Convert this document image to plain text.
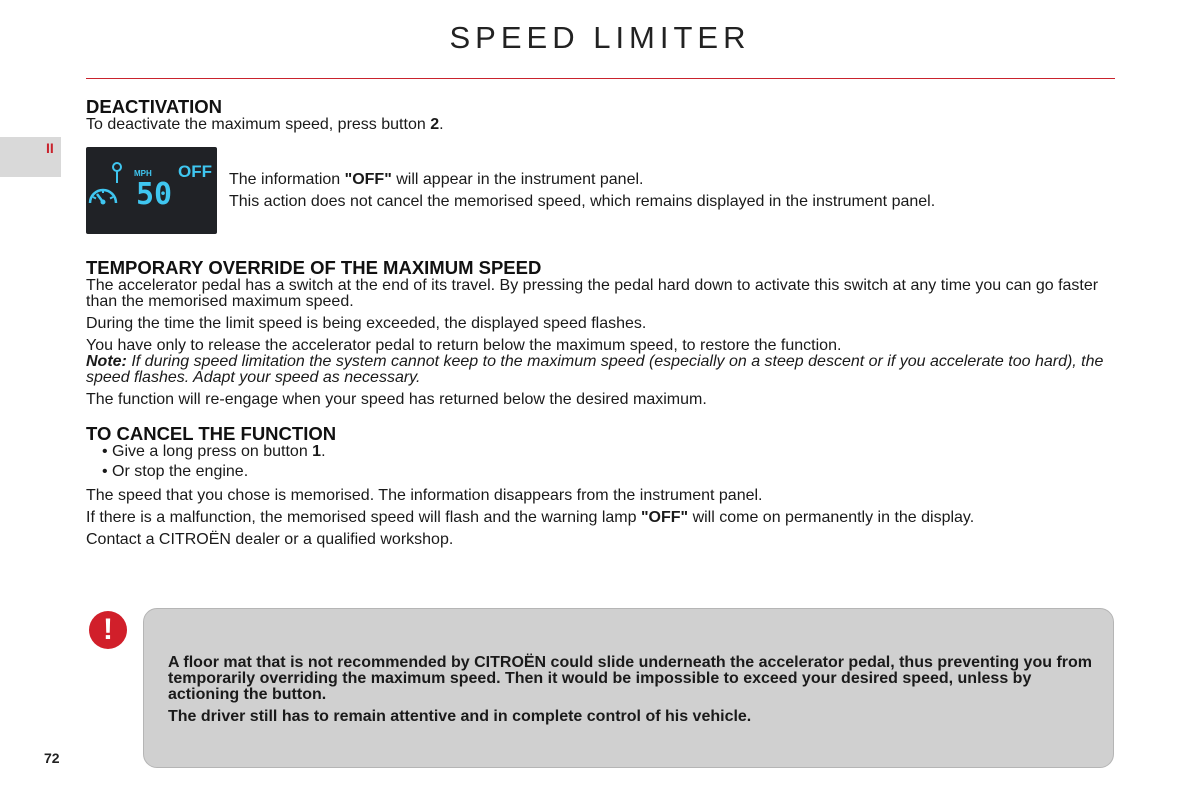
SPEED LIMITER
II
DEACTIVATION

To deactivate the maximum speed, press button 2.

MPH OFF
50	The information "OFF" will appear in the instrument panel.

This action does not cancel the memorised speed, which remains displayed in the instrument panel.

TEMPORARY OVERRIDE OF THE MAXIMUM SPEED

The accelerator pedal has a switch at the end of its travel. By pressing the pedal hard down to activate this switch at any time you can go faster than the memorised maximum speed.

During the time the limit speed is being exceeded, the displayed speed flashes.

You have only to release the accelerator pedal to return below the maximum speed, to restore the function.

Note: If during speed limitation the system cannot keep to the maximum speed (especially on a steep descent or if you accelerate too hard), the speed flashes. Adapt your speed as necessary.

The function will re-engage when your speed has returned below the desired maximum.

TO CANCEL THE FUNCTION
• Give a long press on button 1.
• Or stop the engine.

The speed that you chose is memorised. The information disappears from the instrument panel.

If there is a malfunction, the memorised speed will flash and the warning lamp "OFF" will come on permanently in the display.

Contact a CITROËN dealer or a qualified workshop.

!

A floor mat that is not recommended by CITROËN could slide underneath the accelerator pedal, thus preventing you from temporarily overriding the maximum speed. Then it would be impossible to exceed your desired speed, unless by actioning the button.

The driver still has to remain attentive and in complete control of his vehicle.

72
